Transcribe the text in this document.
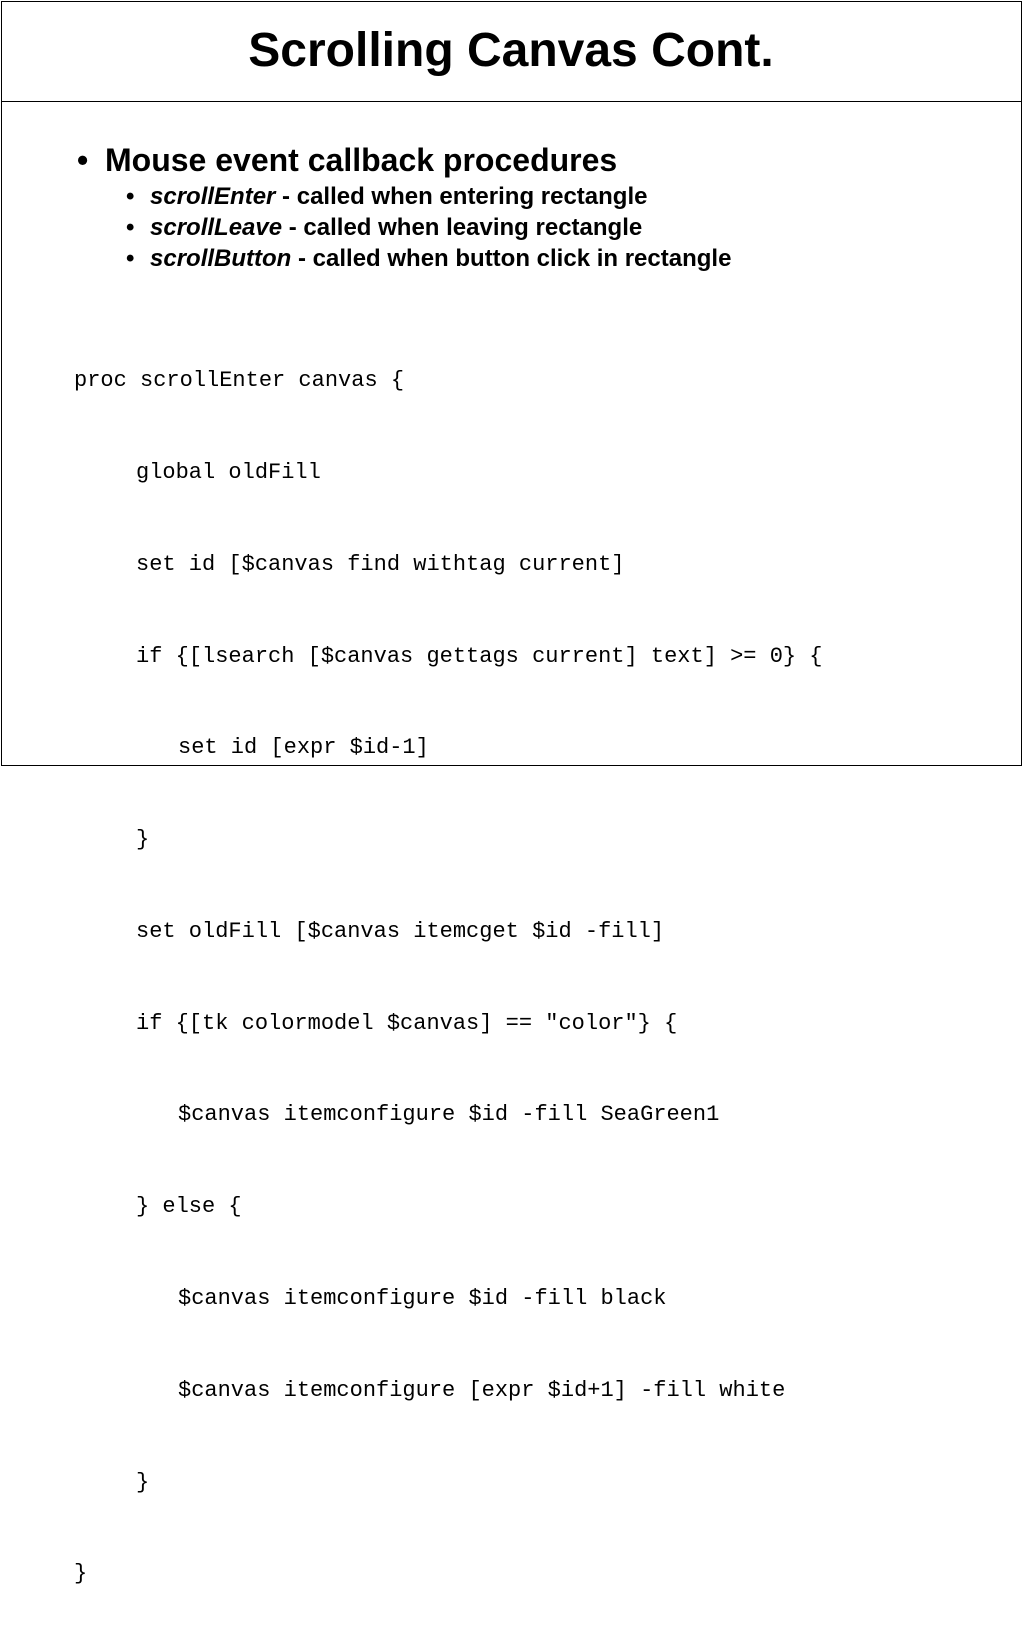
Scrolling Canvas Cont.
• Mouse event callback procedures
• scrollEnter - called when entering rectangle
• scrollLeave - called when leaving rectangle
• scrollButton - called when button click in rectangle

proc scrollEnter canvas {

global oldFill

set id [$canvas find withtag current]

if {[lsearch [$canvas gettags current] text] >= 0} {

set id [expr $id-1]

}

set oldFill [$canvas itemcget $id -fill]

if {[tk colormodel $canvas] == "color"} {

$canvas itemconfigure $id -fill SeaGreen1

} else {

$canvas itemconfigure $id -fill black

$canvas itemconfigure [expr $id+1] -fill white

}

}
